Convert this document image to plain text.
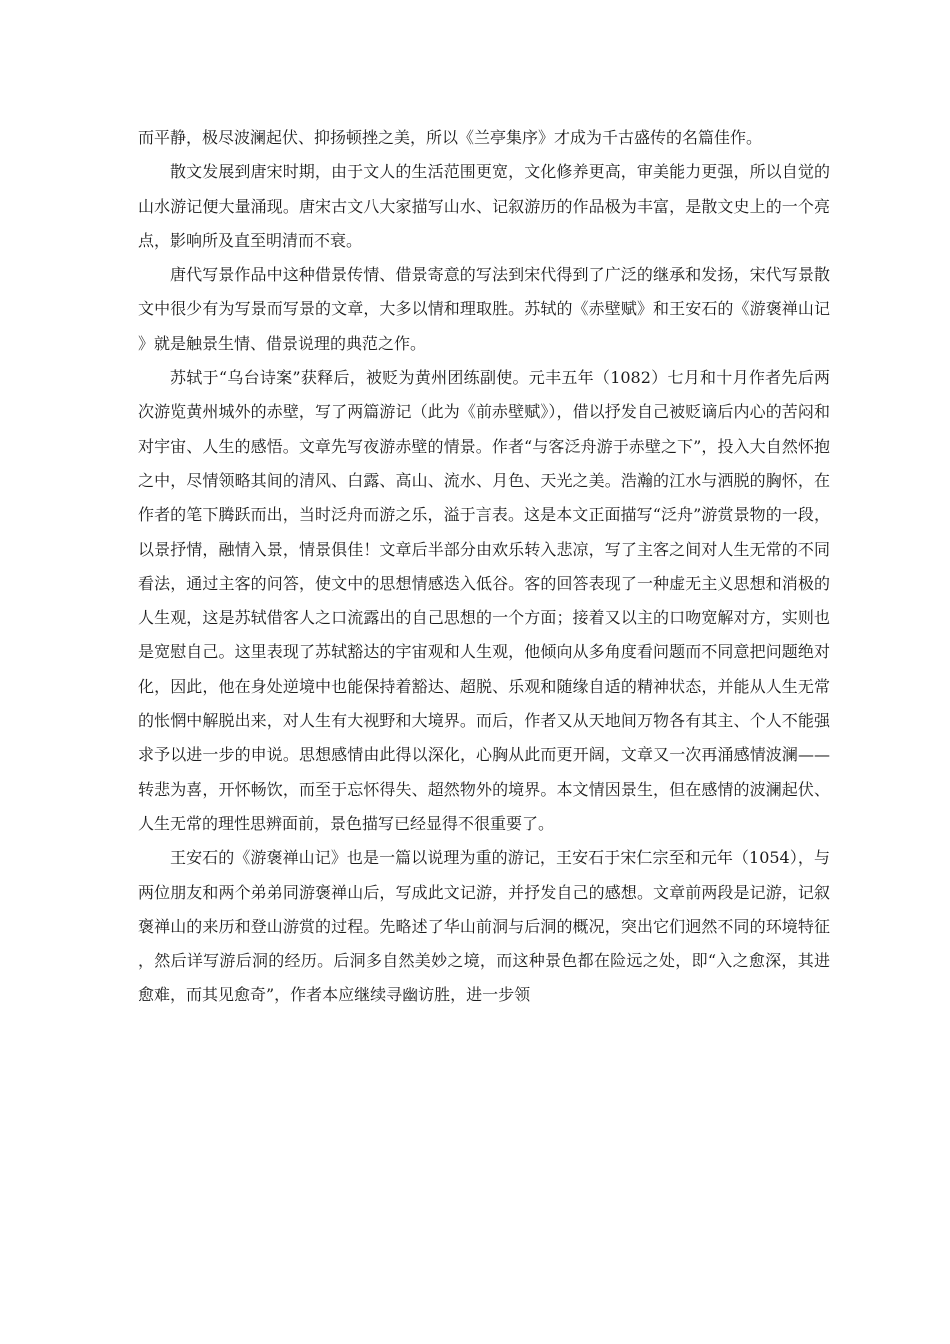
而平静，极尽波澜起伏、抑扬顿挫之美，所以《兰亭集序》才成为千古盛传的名篇佳作。

散文发展到唐宋时期，由于文人的生活范围更宽，文化修养更高，审美能力更强，所以自觉的山水游记便大量涌现。唐宋古文八大家描写山水、记叙游历的作品极为丰富，是散文史上的一个亮点，影响所及直至明清而不衰。

唐代写景作品中这种借景传情、借景寄意的写法到宋代得到了广泛的继承和发扬，宋代写景散文中很少有为写景而写景的文章，大多以情和理取胜。苏轼的《赤壁赋》和王安石的《游褒禅山记》就是触景生情、借景说理的典范之作。

苏轼于“乌台诗案”获释后，被贬为黄州团练副使。元丰五年（1082）七月和十月作者先后两次游览黄州城外的赤壁，写了两篇游记（此为《前赤壁赋》），借以抒发自己被贬谪后内心的苦闷和对宇宙、人生的感悟。文章先写夜游赤壁的情景。作者“与客泛舟游于赤壁之下”，投入大自然怀抱之中，尽情领略其间的清风、白露、高山、流水、月色、天光之美。浩瀚的江水与洒脱的胸怀，在作者的笔下腾跃而出，当时泛舟而游之乐，溢于言表。这是本文正面描写“泛舟”游赏景物的一段，以景抒情，融情入景，情景俱佳！文章后半部分由欢乐转入悲凉，写了主客之间对人生无常的不同看法，通过主客的问答，使文中的思想情感迭入低谷。客的回答表现了一种虚无主义思想和消极的人生观，这是苏轼借客人之口流露出的自己思想的一个方面；接着又以主的口吻宽解对方，实则也是宽慰自己。这里表现了苏轼豁达的宇宙观和人生观，他倾向从多角度看问题而不同意把问题绝对化，因此，他在身处逆境中也能保持着豁达、超脱、乐观和随缘自适的精神状态，并能从人生无常的怅惘中解脱出来，对人生有大视野和大境界。而后，作者又从天地间万物各有其主、个人不能强求予以进一步的申说。思想感情由此得以深化，心胸从此而更开阔，文章又一次再涌感情波澜——转悲为喜，开怀畅饮，而至于忘怀得失、超然物外的境界。本文情因景生，但在感情的波澜起伏、人生无常的理性思辨面前，景色描写已经显得不很重要了。

王安石的《游褒禅山记》也是一篇以说理为重的游记，王安石于宋仁宗至和元年（1054），与两位朋友和两个弟弟同游褒禅山后，写成此文记游，并抒发自己的感想。文章前两段是记游，记叙褒禅山的来历和登山游赏的过程。先略述了华山前洞与后洞的概况，突出它们迥然不同的环境特征，然后详写游后洞的经历。后洞多自然美妙之境，而这种景色都在险远之处，即“入之愈深，其进愈难，而其见愈奇”，作者本应继续寻幽访胜，进一步领
